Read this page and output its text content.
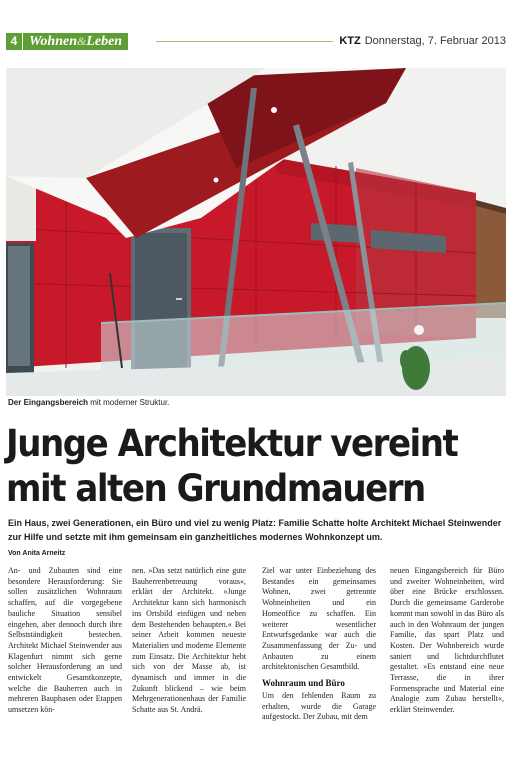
4 Wohnen&Leben	KTZ Donnerstag, 7. Februar 2013
Der Eingangsbereich mit moderner Struktur.
Junge Architektur vereint
mit alten Grundmauern
Ein Haus, zwei Generationen, ein Büro und viel zu wenig Platz: Familie Schatte holte Architekt Michael Steinwender zur Hilfe und setzte mit ihm gemeinsam ein ganzheitliches modernes Wohnkonzept um.
Von Anita Arneitz

An- und Zubauten sind eine besondere Herausforderung: Sie sollen zusätzlichen Wohnraum schaffen, auf die vorgegebene bauliche Situation sensibel eingehen, aber dennoch durch ihre Selbstständigkeit bestechen. Architekt Michael Steinwender aus Klagenfurt nimmt sich gerne solcher Herausforderung an und entwickelt Gesamtkonzepte, welche die Bauherren auch in mehreren Bauphasen oder Etappen umsetzen kön-

nen. »Das setzt natürlich eine gute Bauherrenbetreuung voraus«, erklärt der Architekt. »Junge Architektur kann sich harmonisch ins Ortsbild einfügen und neben dem Bestehenden behaupten.« Bei seiner Arbeit kommen neueste Materialien und moderne Elemente zum Einsatz. Die Architektur hebt sich von der Masse ab, ist dynamisch und immer in die Zukunft blickend – wie beim Mehrgenerationenhaus der Familie Schatte aus St. Andrä.

Ziel war unter Einbeziehung des Bestandes ein gemeinsames Wohnen, zwei getrennte Wohneinheiten und ein Homeoffice zu schaffen. Ein weiterer wesentlicher Entwurfsgedanke war auch die Zusammenfassung der Zu- und Anbauten zu einem architektonischen Gesamtbild.

Wohnraum und Büro

Um den fehlenden Raum zu erhalten, wurde die Garage aufgestockt. Der Zubau, mit dem

neuen Eingangsbereich für Büro und zweiter Wohneinheiten, wird über eine Brücke erschlossen. Durch die gemeinsame Garderobe kommt man sowohl in das Büro als auch in den Wohnraum der jungen Familie, das spart Platz und Kosten. Der Wohnbereich wurde saniert und lichtdurchflutet gestaltet. »Es entstand eine neue Terrasse, die in ihrer Formensprache und Material eine Analogie zum Zubau herstellt«, erklärt Steinwender.
